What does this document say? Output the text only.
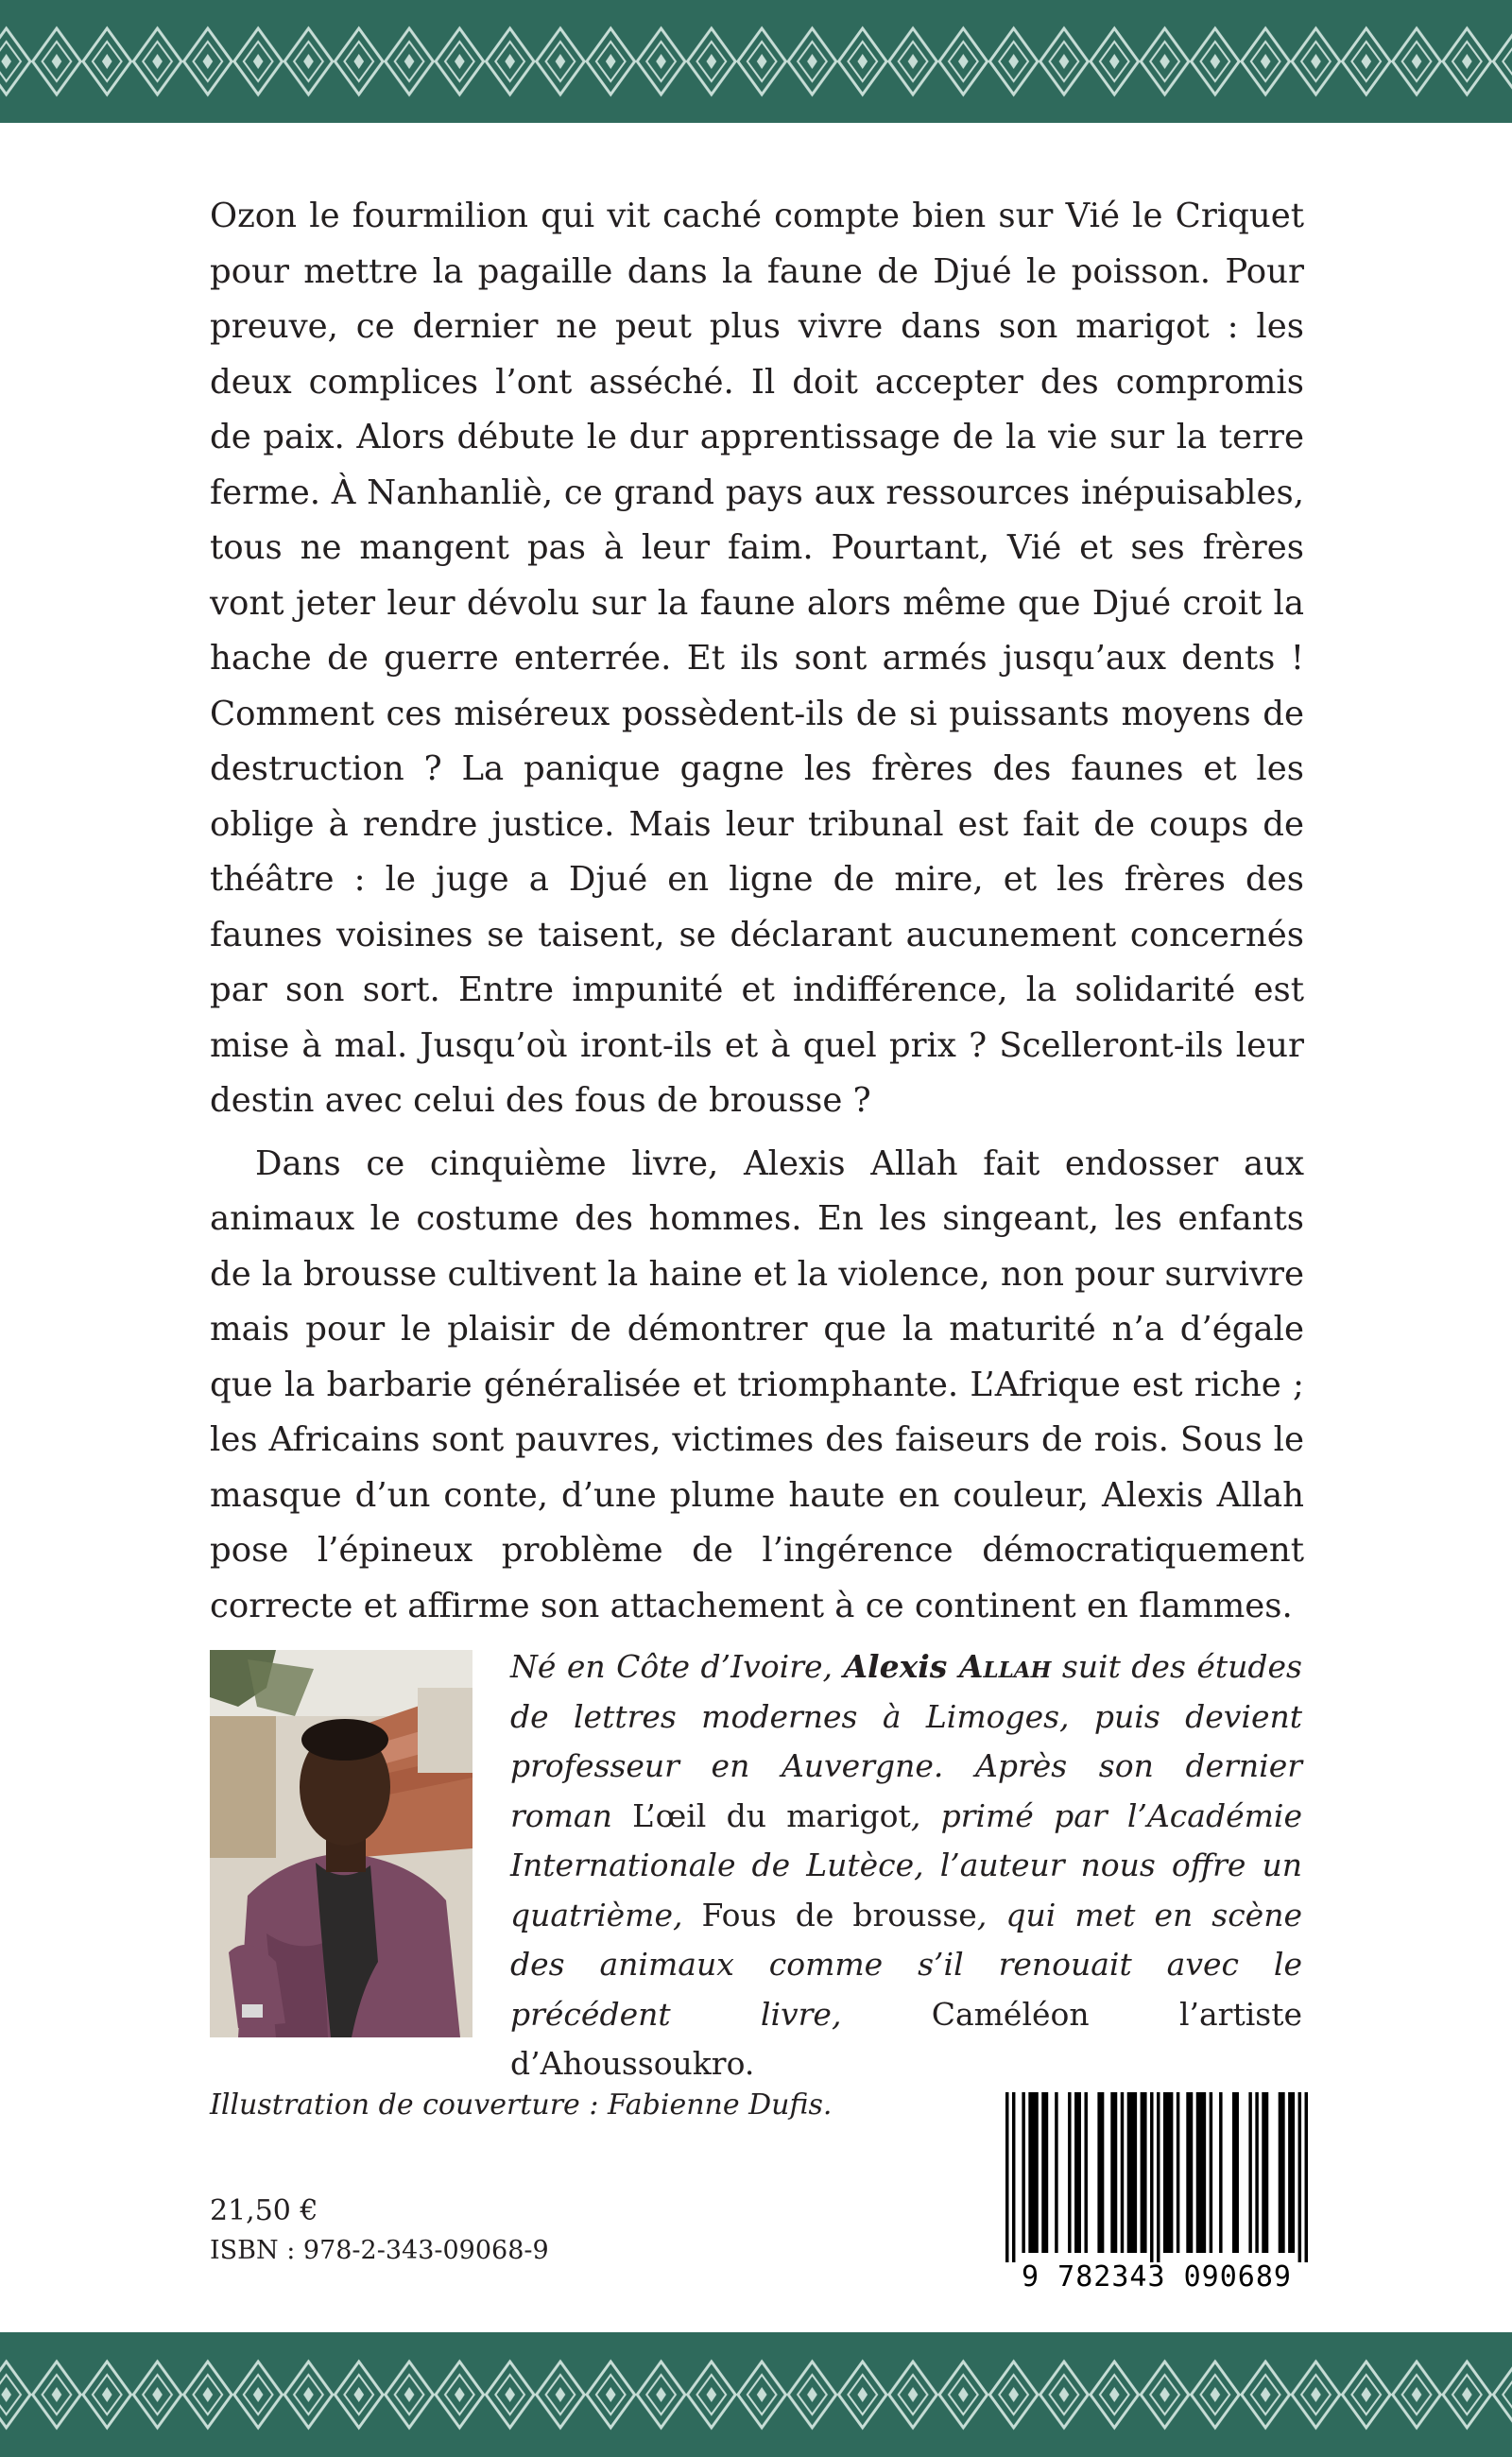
Ozon le fourmilion qui vit caché compte bien sur Vié le Criquet pour mettre la pagaille dans la faune de Djué le poisson. Pour preuve, ce dernier ne peut plus vivre dans son marigot : les deux complices l’ont asséché. Il doit accepter des compromis de paix. Alors débute le dur apprentissage de la vie sur la terre ferme. À Nanhanliè, ce grand pays aux ressources inépuisables, tous ne mangent pas à leur faim. Pourtant, Vié et ses frères vont jeter leur dévolu sur la faune alors même que Djué croit la hache de guerre enterrée. Et ils sont armés jusqu’aux dents ! Comment ces miséreux possèdent-ils de si puissants moyens de destruction ? La panique gagne les frères des faunes et les oblige à rendre justice. Mais leur tribunal est fait de coups de théâtre : le juge a Djué en ligne de mire, et les frères des faunes voisines se taisent, se déclarant aucunement concernés par son sort. Entre impunité et indifférence, la solidarité est mise à mal. Jusqu’où iront-ils et à quel prix ? Scelleront-ils leur destin avec celui des fous de brousse ?

Dans ce cinquième livre, Alexis Allah fait endosser aux animaux le costume des hommes. En les singeant, les enfants de la brousse cultivent la haine et la violence, non pour survivre mais pour le plaisir de démontrer que la maturité n’a d’égale que la barbarie généralisée et triomphante. L’Afrique est riche ; les Africains sont pauvres, victimes des faiseurs de rois. Sous le masque d’un conte, d’une plume haute en couleur, Alexis Allah pose l’épineux problème de l’ingérence démocratiquement correcte et affirme son attachement à ce continent en flammes.

Né en Côte d’Ivoire, Alexis Allah suit des études de lettres modernes à Limoges, puis devient professeur en Auvergne. Après son dernier roman L’œil du marigot, primé par l’Académie Internationale de Lutèce, l’auteur nous offre un quatrième, Fous de brousse, qui met en scène des animaux comme s’il renouait avec le précédent livre, Caméléon l’artiste d’Ahoussoukro.
Illustration de couverture : Fabienne Dufis.
21,50 €
ISBN : 978-2-343-09068-9
9 782343 090689
